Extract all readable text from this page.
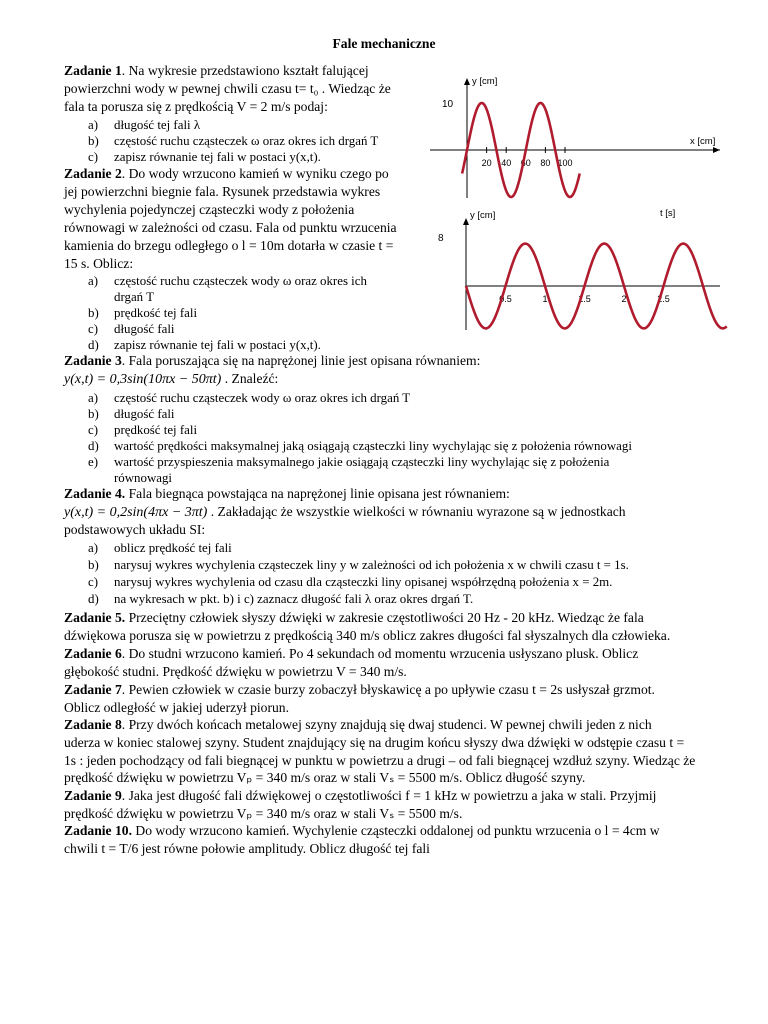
Fale mechaniczne
Zadanie 1. Na wykresie przedstawiono kształt falującej
powierzchni wody w pewnej chwili czasu t= t₀ . Wiedząc że
fala ta porusza się z prędkością V = 2 m/s podaj:
a) długość tej fali λ
b) częstość ruchu cząsteczek ω oraz okres ich drgań T
c) zapisz równanie tej fali w postaci y(x,t).
Zadanie 2. Do wody wrzucono kamień w wyniku czego po
jej powierzchni biegnie fala. Rysunek przedstawia wykres
wychylenia pojedynczej cząsteczki wody z położenia
równowagi w zależności od czasu. Fala od punktu wrzucenia
kamienia do brzegu odległego o l = 10m dotarła w czasie t =
15 s. Oblicz:
a) częstość ruchu cząsteczek wody ω oraz okres ich
drgań T
b) prędkość tej fali
c) długość fali
d) zapisz równanie tej fali w postaci y(x,t).
Zadanie 3. Fala poruszająca się na naprężonej linie jest opisana równaniem:
y(x,t) = 0,3sin(10πx − 50πt) . Znaleźć:
a) częstość ruchu cząsteczek wody ω oraz okres ich drgań T
b) długość fali
c) prędkość tej fali
d) wartość prędkości maksymalnej jaką osiągają cząsteczki liny wychylając się z położenia równowagi
e) wartość przyspieszenia maksymalnego jakie osiągają cząsteczki liny wychylając się z położenia
równowagi
Zadanie 4. Fala biegnąca powstająca na naprężonej linie opisana jest równaniem:
y(x,t) = 0,2sin(4πx − 3πt) . Zakładając że wszystkie wielkości w równaniu wyrazone są w jednostkach
podstawowych układu SI:
a) oblicz prędkość tej fali
b) narysuj wykres wychylenia cząsteczek liny y w zależności od ich położenia x w chwili czasu t = 1s.
c) narysuj wykres wychylenia od czasu dla cząsteczki liny opisanej współrzędną położenia x = 2m.
d) na wykresach w pkt. b) i c) zaznacz długość fali λ oraz okres drgań T.
Zadanie 5. Przeciętny człowiek słyszy dźwięki w zakresie częstotliwości 20 Hz - 20 kHz. Wiedząc że fala
dźwiękowa porusza się w powietrzu z prędkością 340 m/s oblicz zakres długości fal słyszalnych dla człowieka.
Zadanie 6. Do studni wrzucono kamień. Po 4 sekundach od momentu wrzucenia usłyszano plusk. Oblicz
głębokość studni. Prędkość dźwięku w powietrzu V = 340 m/s.
Zadanie 7. Pewien człowiek w czasie burzy zobaczył błyskawicę a po upływie czasu t = 2s usłyszał grzmot.
Oblicz odległość w jakiej uderzył piorun.
Zadanie 8. Przy dwóch końcach metalowej szyny znajdują się dwaj studenci. W pewnej chwili jeden z nich
uderza w koniec stalowej szyny. Student znajdujący się na drugim końcu słyszy dwa dźwięki w odstępie czasu t =
1s : jeden pochodzący od fali biegnącej w punktu w powietrzu a drugi – od fali biegnącej wzdłuż szyny. Wiedząc że
prędkość dźwięku w powietrzu Vₚ = 340 m/s oraz w stali Vₛ = 5500 m/s. Oblicz długość szyny.
Zadanie 9. Jaka jest długość fali dźwiękowej o częstotliwości f = 1 kHz w powietrzu a jaka w stali. Przyjmij
prędkość dźwięku w powietrzu Vₚ = 340 m/s oraz w stali Vₛ = 5500 m/s.
Zadanie 10. Do wody wrzucono kamień. Wychylenie cząsteczki oddalonej od punktu wrzucenia o l = 4cm w
chwili t = T/6 jest równe połowie amplitudy. Oblicz długość tej fali
y [cm]
x [cm]
10
20 40 60 80 100
y [cm]	t [s]
8
0.5	1	1.5	2	2.5
